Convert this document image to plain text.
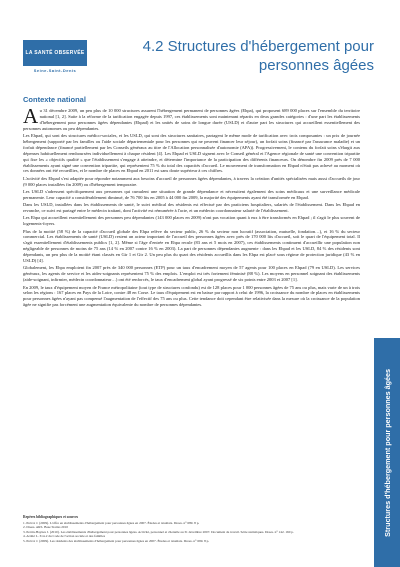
LA SANTÉ OBSERVÉE
Seine-Saint-Denis
4.2 Structures d'hébergement pour personnes âgées
Contexte national

Au 31 décembre 2009, un peu plus de 10 000 structures assurent l'hébergement permanent de personnes âgées (Ehpa), qui proposent 689 000 places sur l'ensemble du territoire national [1, 2]. Suite à la réforme de la tarification engagée depuis 1997, ces établissements sont maintenant répartis en deux grandes catégories : d'une part les établissements d'hébergement pour personnes âgées dépendantes (Ehpad) et les unités de soins de longue durée (USLD) et d'autre part les structures qui accueillent essentiellement des personnes autonomes ou peu dépendantes.

Les Ehpad, qui sont des structures médico-sociales, et les USLD, qui sont des structures sanitaires, partagent le même mode de tarification avec trois composantes : un prix de journée hébergement (supporté par les familles ou l'aide sociale départementale pour les personnes qui ne peuvent financer leur séjour), un forfait soins (financé par l'assurance maladie) et un forfait dépendance (financé partiellement par les Conseils généraux au titre de l'Allocation personnalisée d'autonomie (APA)). Progressivement, le contenu du forfait soins s'élargit aux dépenses habituellement remboursées individuellement à chaque résident [4]. Les Ehpad et USLD signent avec le Conseil général et l'Agence régionale de santé une convention tripartite qui fixe les « objectifs qualité » que l'établissement s'engage à atteindre, et détermine l'importance de la participation des différents financeurs. On dénombre fin 2009 près de 7 000 établissements ayant signé une convention tripartite, qui représentent 75 % du total des capacités d'accueil. Le mouvement de transformation en Ehpad n'était pas achevé au moment où ces données ont été recueillies, et le nombre de places en Ehpad en 2011 est sans doute supérieur à ces chiffres.

L'activité des Ehpad s'est adaptée pour répondre notamment aux besoins d'accueil de personnes âgées dépendantes, à travers la création d'unités spécialisées mais aussi d'accueils de jour (9 000 places installées fin 2009) ou d'hébergement temporaire.

Les USLD s'adressent spécifiquement aux personnes qui cumulent une situation de grande dépendance et nécessitent également des soins médicaux et une surveillance médicale permanente. Leur capacité a considérablement diminué, de 76 700 lits en 2005 à 44 000 fin 2009, la majorité des équipements ayant été transformée en Ehpad.

Dans les USLD, installées dans les établissements de santé, le suivi médical des résidents est effectué par des praticiens hospitaliers, salariés de l'établissement. Dans les Ehpad en revanche, ce suivi est partagé entre le médecin traitant, dont l'activité est rémunérée à l'acte, et un médecin coordonnateur salarié de l'établissement.

Les Ehpa qui accueillent essentiellement des personnes peu dépendantes (143 000 places en 2009) n'ont pas vocation quant à eux à être transformés en Ehpad ; il s'agit le plus souvent de logements-foyers.

Plus de la moitié (58 %) de la capacité d'accueil globale des Ehpa relève du secteur public, 26 % du secteur non lucratif (association, mutuelle, fondation…), et 16 % du secteur commercial. Les établissements de santé (USLD) restent un acteur important de l'accueil des personnes âgées avec près de 170 000 lits d'accueil, soit le quart de l'équipement total. Il s'agit essentiellement d'établissements publics [1, 2]. Même si l'âge d'entrée en Ehpa recule (83 ans et 5 mois en 2007), ces établissements continuent d'accueillir une population non négligeable de personnes de moins de 75 ans (14 % en 2007 contre 16 % en 2003). La part de personnes dépendantes augmente : dans les Ehpad et les USLD, 84 % des résidents sont dépendants, un peu plus de la moitié étant classés en Gir 1 et Gir 2. Un peu plus du quart des résidents accueillis dans les Ehpa est placé sous régime de protection juridique (43 % en USLD) [4].

Globalement, les Ehpa emploient fin 2007 près de 340 000 personnes (ETP) pour un taux d'encadrement moyen de 57 agents pour 100 places en Ehpad (79 en USLD). Les services généraux, les agents de service et les aides-soignants représentent 75 % des emplois. L'emploi est très fortement féminisé (88 %). Les moyens en personnel soignant des établissements (aide-soignant, infirmier, médecin coordonnateur…) ont été renforcés, le taux d'encadrement global ayant progressé de six points entre 2003 et 2007 [1].

En 2009, le taux d'équipement moyen de France métropolitaine (tout type de structures confondu) est de 128 places pour 1 000 personnes âgées de 75 ans ou plus, mais varie de un à trois selon les régions : 167 places en Pays de la Loire, contre 48 en Corse. Le taux d'équipement est en baisse par rapport à celui de 1996, la croissance du nombre de places en établissements pour personnes âgées n'ayant pas compensé l'augmentation de l'effectif des 75 ans ou plus. Cette tendance doit cependant être relativisée dans la mesure où la croissance de la population âgée ne signifie pas forcément une augmentation équivalente du nombre de personnes dépendantes.

Repères bibliographiques et sources
1. Prévot J. (2009). L'offre en établissements d'hébergement pour personnes âgées en 2007. Études et résultats. Drees. n° 689. 8 p.
2. Drees. ARS. Base Statiss 2010
3. Perrin-Haynes J. (2010). Les établissements d'hébergement pour personnes âgées. Activité, personnel et clientèle au 31 décembre 2007. Document de travail. Série statistiques. Drees. n° 142. 160 p.
4. Arrêté L. 314-2 du Code de l'action sociale et des familles
5. Prévot J. (2009). Les résidents des établissements d'hébergement pour personnes âgées en 2007. Études et résultats. Drees. n° 699. 8 p.
Structures d'hébergement pour personnes âgées
